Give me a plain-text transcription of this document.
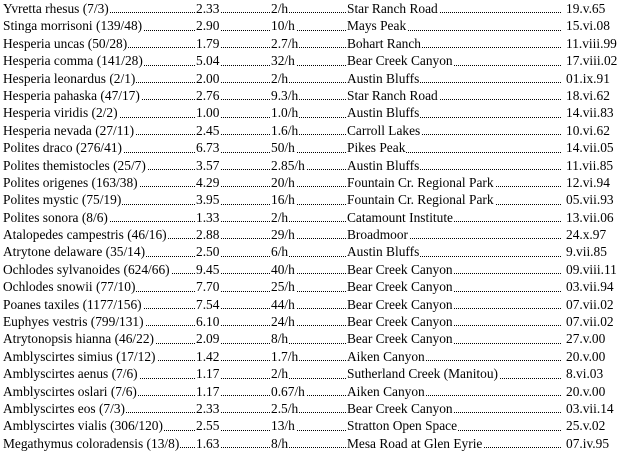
Yvretta rhesus (7/3)	2.33	2/h	Star Ranch Road	19.v.65
Stinga morrisoni (139/48)	2.90	10/h	Mays Peak	15.vi.08
Hesperia uncas (50/28)	1.79	2.7/h	Bohart Ranch	11.viii.99
Hesperia comma (141/28)	5.04	32/h	Bear Creek Canyon	17.viii.02
Hesperia leonardus (2/1)	2.00	2/h	Austin Bluffs	01.ix.91
Hesperia pahaska (47/17)	2.76	9.3/h	Star Ranch Road	18.vi.62
Hesperia viridis (2/2)	1.00	1.0/h	Austin Bluffs	14.vii.83
Hesperia nevada (27/11)	2.45	1.6/h	Carroll Lakes	10.vi.62
Polites draco (276/41)	6.73	50/h	Pikes Peak	14.vii.05
Polites themistocles (25/7)	3.57	2.85/h	Austin Bluffs	11.vii.85
Polites origenes (163/38)	4.29	20/h	Fountain Cr. Regional Park	12.vi.94
Polites mystic (75/19)	3.95	16/h	Fountain Cr. Regional Park	05.vii.93
Polites sonora (8/6)	1.33	2/h	Catamount Institute	13.vii.06
Atalopedes campestris (46/16)	2.88	29/h	Broadmoor	24.x.97
Atrytone delaware (35/14)	2.50	6/h	Austin Bluffs	9.vii.85
Ochlodes sylvanoides (624/66)	9.45	40/h	Bear Creek Canyon	09.viii.11
Ochlodes snowii (77/10)	7.70	25/h	Bear Creek Canyon	03.vii.94
Poanes taxiles (1177/156)	7.54	44/h	Bear Creek Canyon	07.vii.02
Euphyes vestris (799/131)	6.10	24/h	Bear Creek Canyon	07.vii.02
Atrytonopsis hianna (46/22)	2.09	8/h	Bear Creek Canyon	27.v.00
Amblyscirtes simius (17/12)	1.42	1.7/h	Aiken Canyon	20.v.00
Amblyscirtes aenus (7/6)	1.17	2/h	Sutherland Creek (Manitou)	8.vi.03
Amblyscirtes oslari (7/6)	1.17	0.67/h	Aiken Canyon	20.v.00
Amblyscirtes eos (7/3)	2.33	2.5/h	Bear Creek Canyon	03.vii.14
Amblyscirtes vialis (306/120)	2.55	13/h	Stratton Open Space	25.v.02
Megathymus coloradensis (13/8)	1.63	8/h	Mesa Road at Glen Eyrie	07.iv.95
